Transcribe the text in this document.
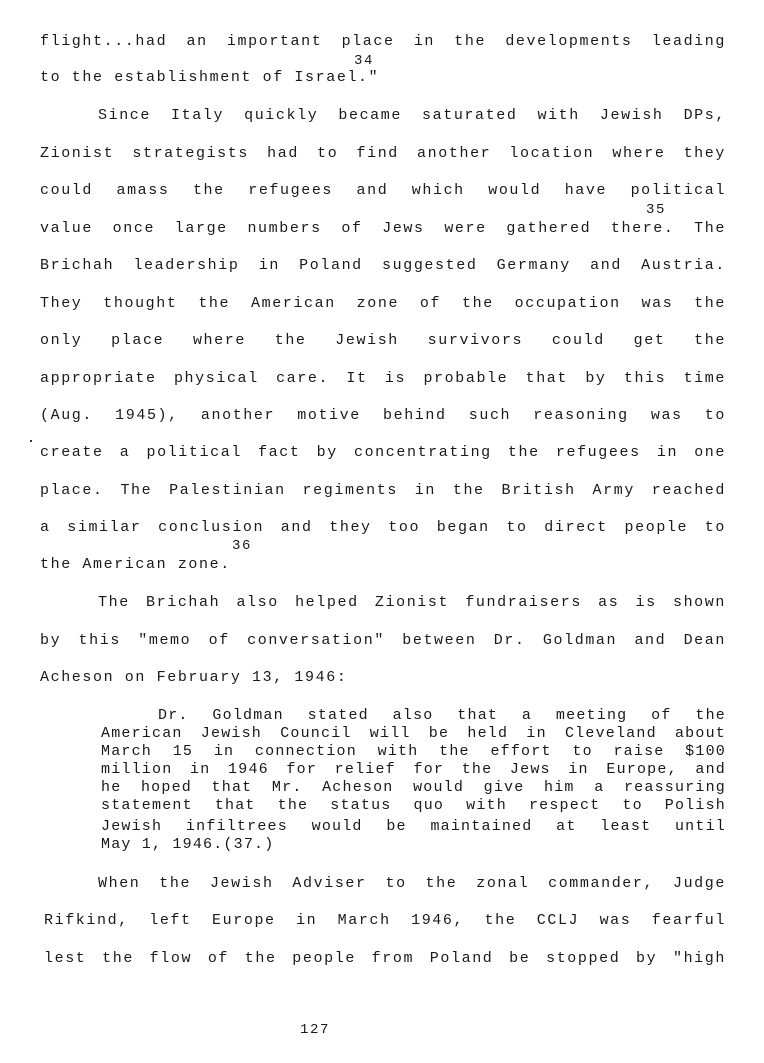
flight...had an important place in the developments leading
to the establishment of Israel."
Since Italy quickly became saturated with Jewish DPs,
Zionist strategists had to find another location where they
could amass the refugees and which would have political
value once large numbers of Jews were gathered there. The
Brichah leadership in Poland suggested Germany and Austria.
They thought the American zone of the occupation was the
only place where the Jewish survivors could get the
appropriate physical care. It is probable that by this time
(Aug. 1945), another motive behind such reasoning was to
create a political fact by concentrating the refugees in one
place. The Palestinian regiments in the British Army reached
a similar conclusion and they too began to direct people to
the American zone.
The Brichah also helped Zionist fundraisers as is shown
by this "memo of conversation" between Dr. Goldman and Dean
Acheson on February 13, 1946:
34
35
36
Dr. Goldman stated also that a meeting of the
American Jewish Council will be held in Cleveland about
March 15 in connection with the effort to raise $100
million in 1946 for relief for the Jews in Europe, and
he hoped that Mr. Acheson would give him a reassuring
statement that the status quo with respect to Polish
Jewish infiltrees would be maintained at least until
May 1, 1946.(37.)
When the Jewish Adviser to the zonal commander, Judge
Rifkind, left Europe in March 1946, the CCLJ was fearful
lest the flow of the people from Poland be stopped by "high
127
